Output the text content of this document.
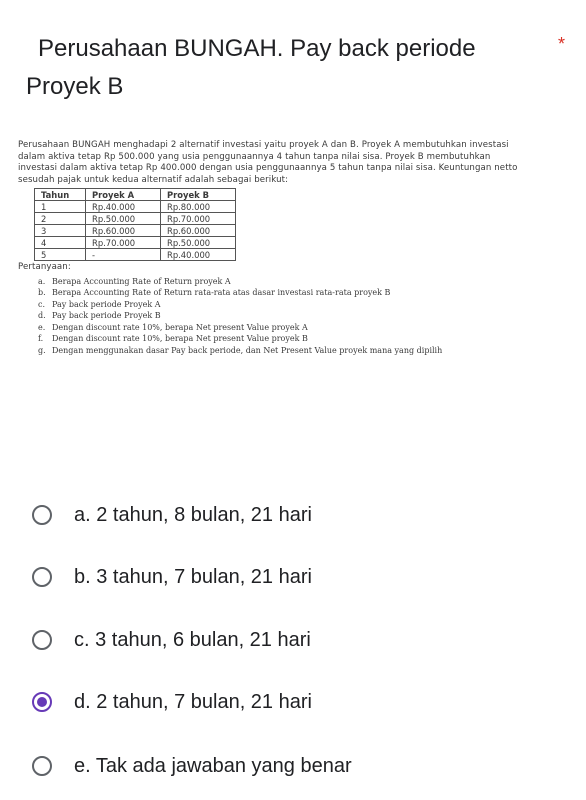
Perusahaan BUNGAH. Pay back periode

Proyek B
*

Perusahaan BUNGAH menghadapi 2 alternatif investasi yaitu proyek A dan B. Proyek A membutuhkan investasi

dalam aktiva tetap Rp 500.000 yang usia penggunaannya 4 tahun tanpa nilai sisa. Proyek B membutuhkan

investasi dalam aktiva tetap Rp 400.000 dengan usia penggunaannya 5 tahun tanpa nilai sisa. Keuntungan netto

sesudah pajak untuk kedua alternatif adalah sebagai berikut:

Tahun	Proyek A	Proyek B
1	Rp.40.000	Rp.80.000
2	Rp.50.000	Rp.70.000
3	Rp.60.000	Rp.60.000
4	Rp.70.000	Rp.50.000
5	-	Rp.40.000

Pertanyaan:

a. Berapa Accounting Rate of Return proyek A
b. Berapa Accounting Rate of Return rata-rata atas dasar investasi rata-rata proyek B
c. Pay back periode Proyek A
d. Pay back periode Proyek B
e. Dengan discount rate 10%, berapa Net present Value proyek A
f. Dengan discount rate 10%, berapa Net present Value proyek B
g. Dengan menggunakan dasar Pay back periode, dan Net Present Value proyek mana yang dipilih
a. 2 tahun, 8 bulan, 21 hari
b. 3 tahun, 7 bulan, 21 hari
c. 3 tahun, 6 bulan, 21 hari
d. 2 tahun, 7 bulan, 21 hari
e. Tak ada jawaban yang benar
